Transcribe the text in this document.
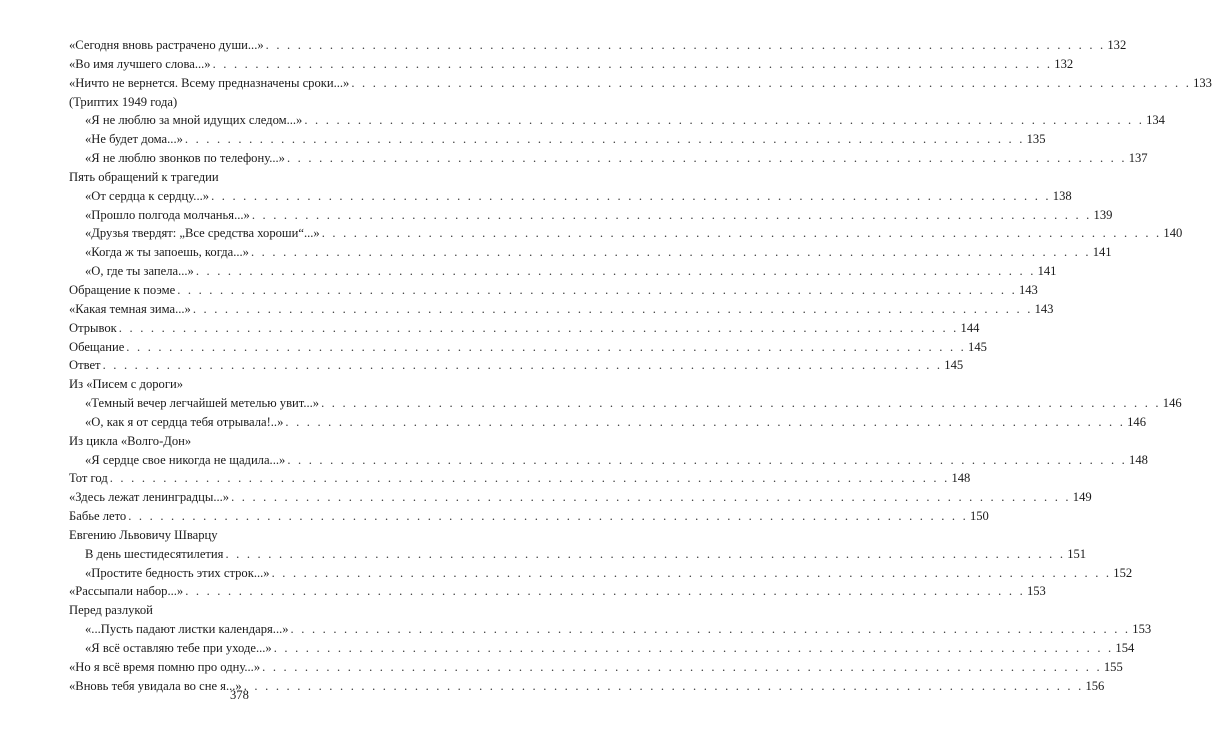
«Сегодня вновь растрачено души...» . . .	132
«Во имя лучшего слова...» . . .	132
«Ничто не вернется. Всему предназначены сроки...» . . .	133
(Триптих 1949 года)
«Я не люблю за мной идущих следом...» . . .	134
«Не будет дома...» . . .	135
«Я не люблю звонков по телефону...» . . .	137
Пять обращений к трагедии
«От сердца к сердцу...» . . .	138
«Прошло полгода молчанья...» . . .	139
«Друзья твердят: „Все средства хороши“...» . . .	140
«Когда ж ты запоешь, когда...» . . .	141
«О, где ты запела...» . . .	141
Обращение к поэме . . .	143
«Какая темная зима...» . . .	143
Отрывок . . .	144
Обещание . . .	145
Ответ . . .	145
Из «Писем с дороги»
«Темный вечер легчайшей метелью увит...» . . .	146
«О, как я от сердца тебя отрывала!..» . . .	146
Из цикла «Волго-Дон»
«Я сердце свое никогда не щадила...» . . .	148
Тот год . . .	148
«Здесь лежат ленинградцы...» . . .	149
Бабье лето . . .	150
Евгению Львовичу Шварцу
В день шестидесятилетия . . .	151
«Простите бедность этих строк...» . . .	152
«Рассыпали набор...» . . .	153
Перед разлукой
«...Пусть падают листки календаря...» . . .	153
«Я всё оставляю тебе при уходе...» . . .	154
«Но я всё время помню про одну...» . . .	155
«Вновь тебя увидала во сне я...» . . .	156
378
